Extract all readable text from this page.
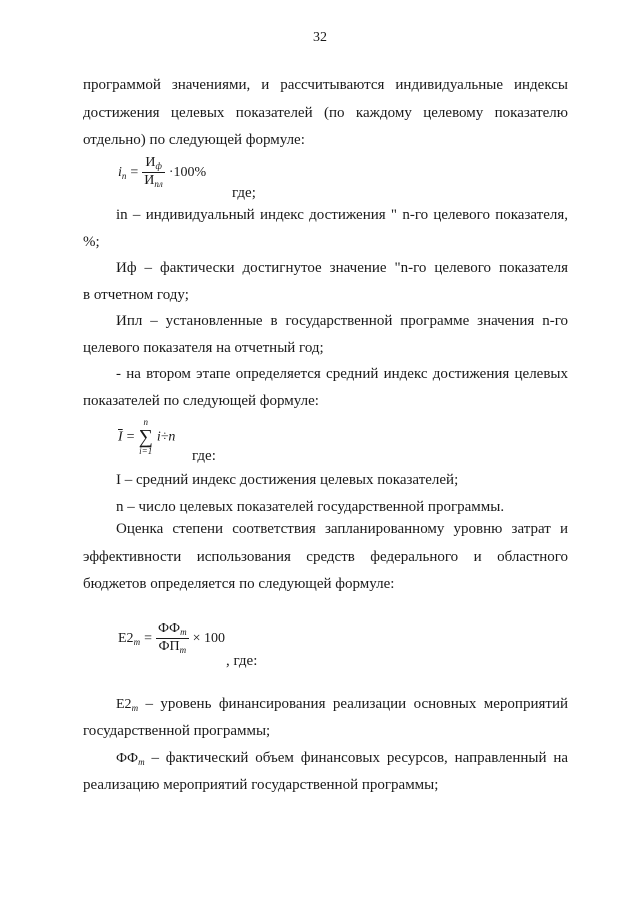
32
программой значениями, и рассчитываются индивидуальные индексы достижения целевых показателей (по каждому целевому показателю отдельно) по следующей формуле:
$i_n = \frac{И_ф}{И_{пл}} \cdot 100\%$
где;
in – индивидуальный индекс достижения " n-го целевого показателя,
%;
Иф – фактически достигнутое значение "n-го целевого показателя
в отчетном году;
Ипл – установленные в государственной программе значения n-го
целевого показателя на отчетный год;
- на втором этапе определяется средний индекс достижения целевых
показателей по следующей формуле:
$\overline{I}$ =
n
∑
i=1
i÷n
где:
I – средний индекс достижения целевых показателей;
n – число целевых показателей государственной программы.
Оценка степени соответствия запланированному уровню затрат и эффективности использования средств федерального и областного бюджетов определяется по следующей формуле:
$E2_m = \frac{ФФ_m}{ФП_m} \times 100$
, где:
$E2_m$ – уровень финансирования реализации основных мероприятий
государственной программы;
$ФФ_m$ – фактический объем финансовых ресурсов, направленный на
реализацию мероприятий государственной программы;
